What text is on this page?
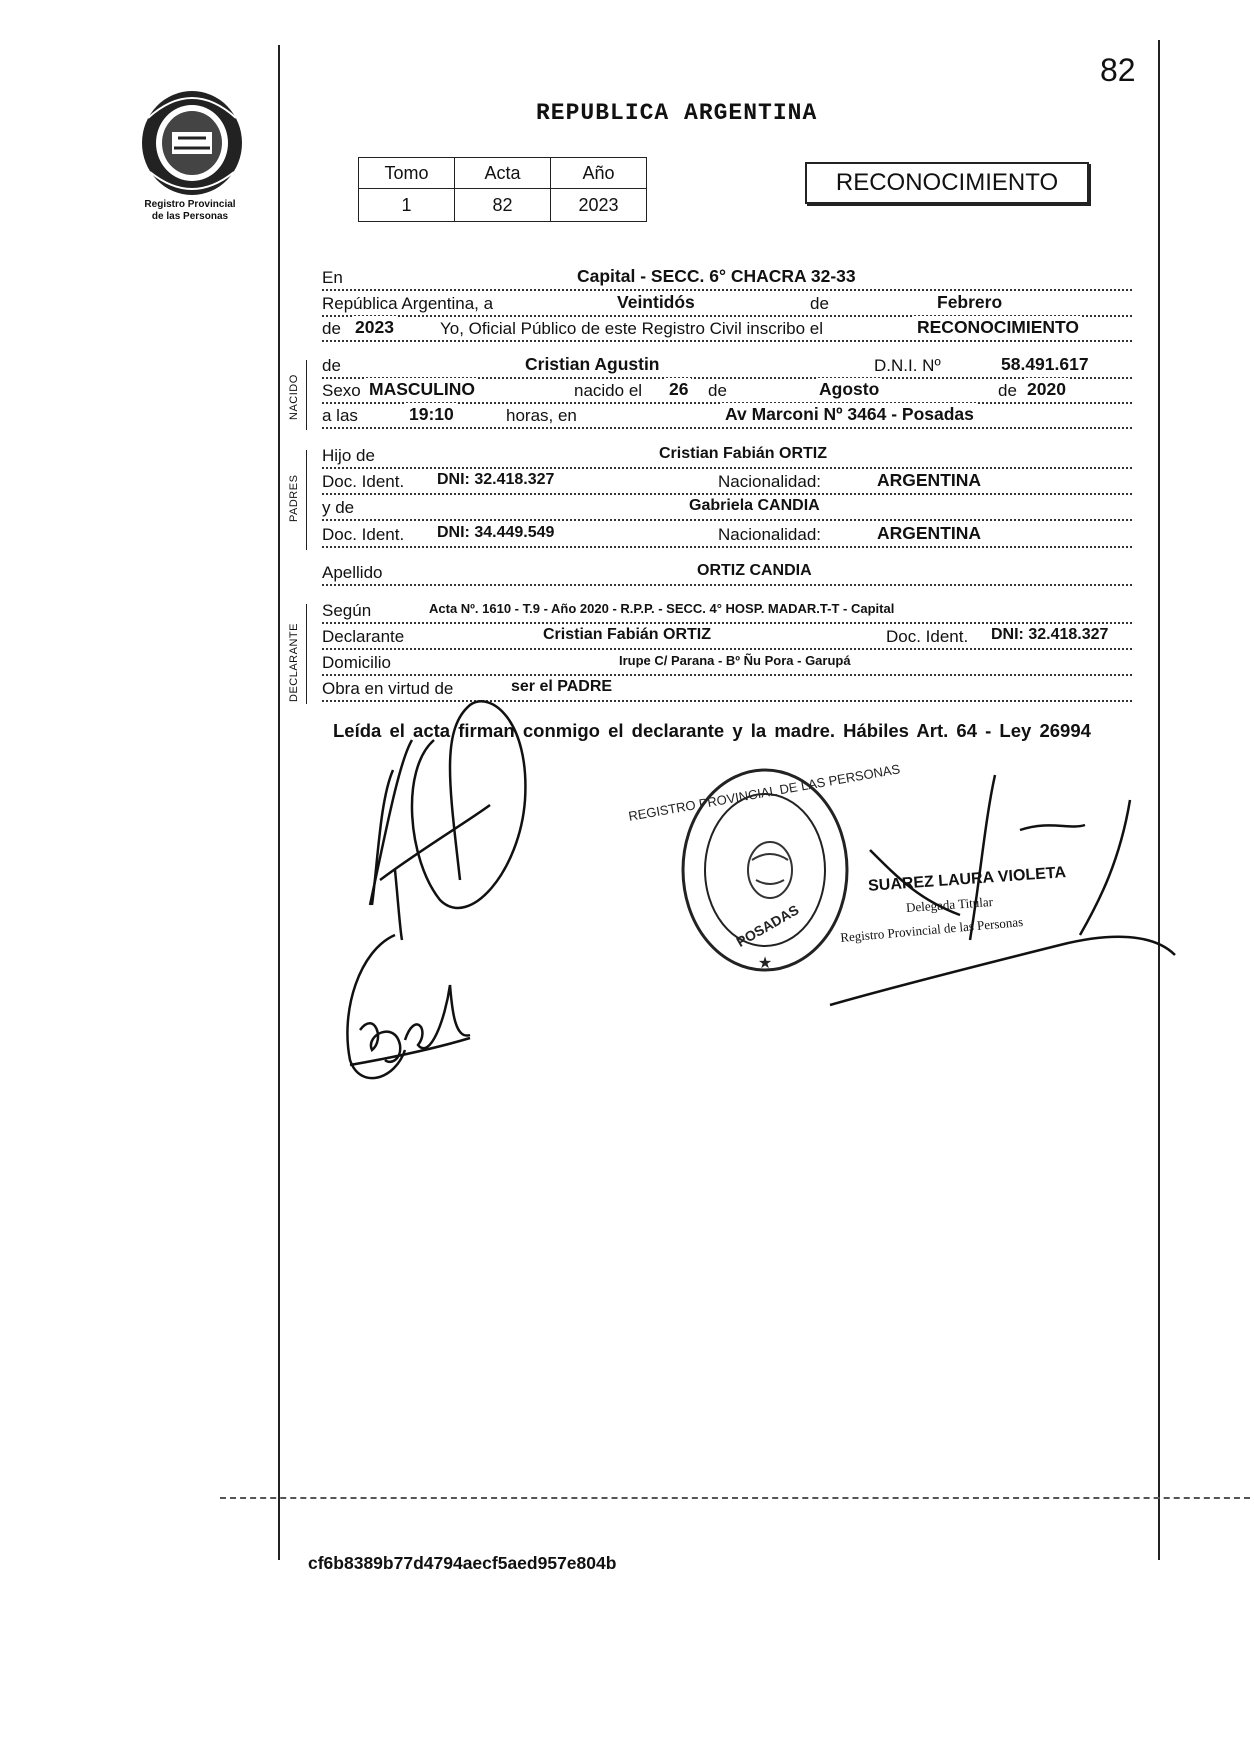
82
REPUBLICA ARGENTINA
Registro Provincial
de las Personas
Tomo	Acta	Año
1	82	2023
RECONOCIMIENTO
En	Capital - SECC. 6° CHACRA 32-33
República Argentina, a	Veintidós	de	Febrero
de 2023	Yo, Oficial Público de este Registro Civil inscribo el	RECONOCIMIENTO
NACIDO
de	Cristian Agustin	D.N.I. Nº	58.491.617
Sexo MASCULINO	nacido el 26 de	Agosto	de 2020
a las	19:10	horas, en	Av Marconi Nº 3464 - Posadas
PADRES
Hijo de	Cristian Fabián ORTIZ
Doc. Ident. DNI: 32.418.327	Nacionalidad:	ARGENTINA
y de	Gabriela CANDIA
Doc. Ident. DNI: 34.449.549	Nacionalidad:	ARGENTINA
Apellido	ORTIZ CANDIA
DECLARANTE
Según	Acta Nº. 1610 - T.9 - Año 2020 - R.P.P. - SECC. 4° HOSP. MADAR.T-T - Capital
Declarante	Cristian Fabián ORTIZ	Doc. Ident. DNI: 32.418.327
Domicilio	Irupe C/ Parana - Bº Ñu Pora - Garupá
Obra en virtud de	ser el PADRE
Leída el acta firman conmigo el declarante y la madre. Hábiles Art. 64 - Ley 26994
REGISTRO PROVINCIAL DE LAS PERSONAS
POSADAS
★
SUAREZ LAURA VIOLETA
Delegada Titular
Registro Provincial de las Personas
cf6b8389b77d4794aecf5aed957e804b
